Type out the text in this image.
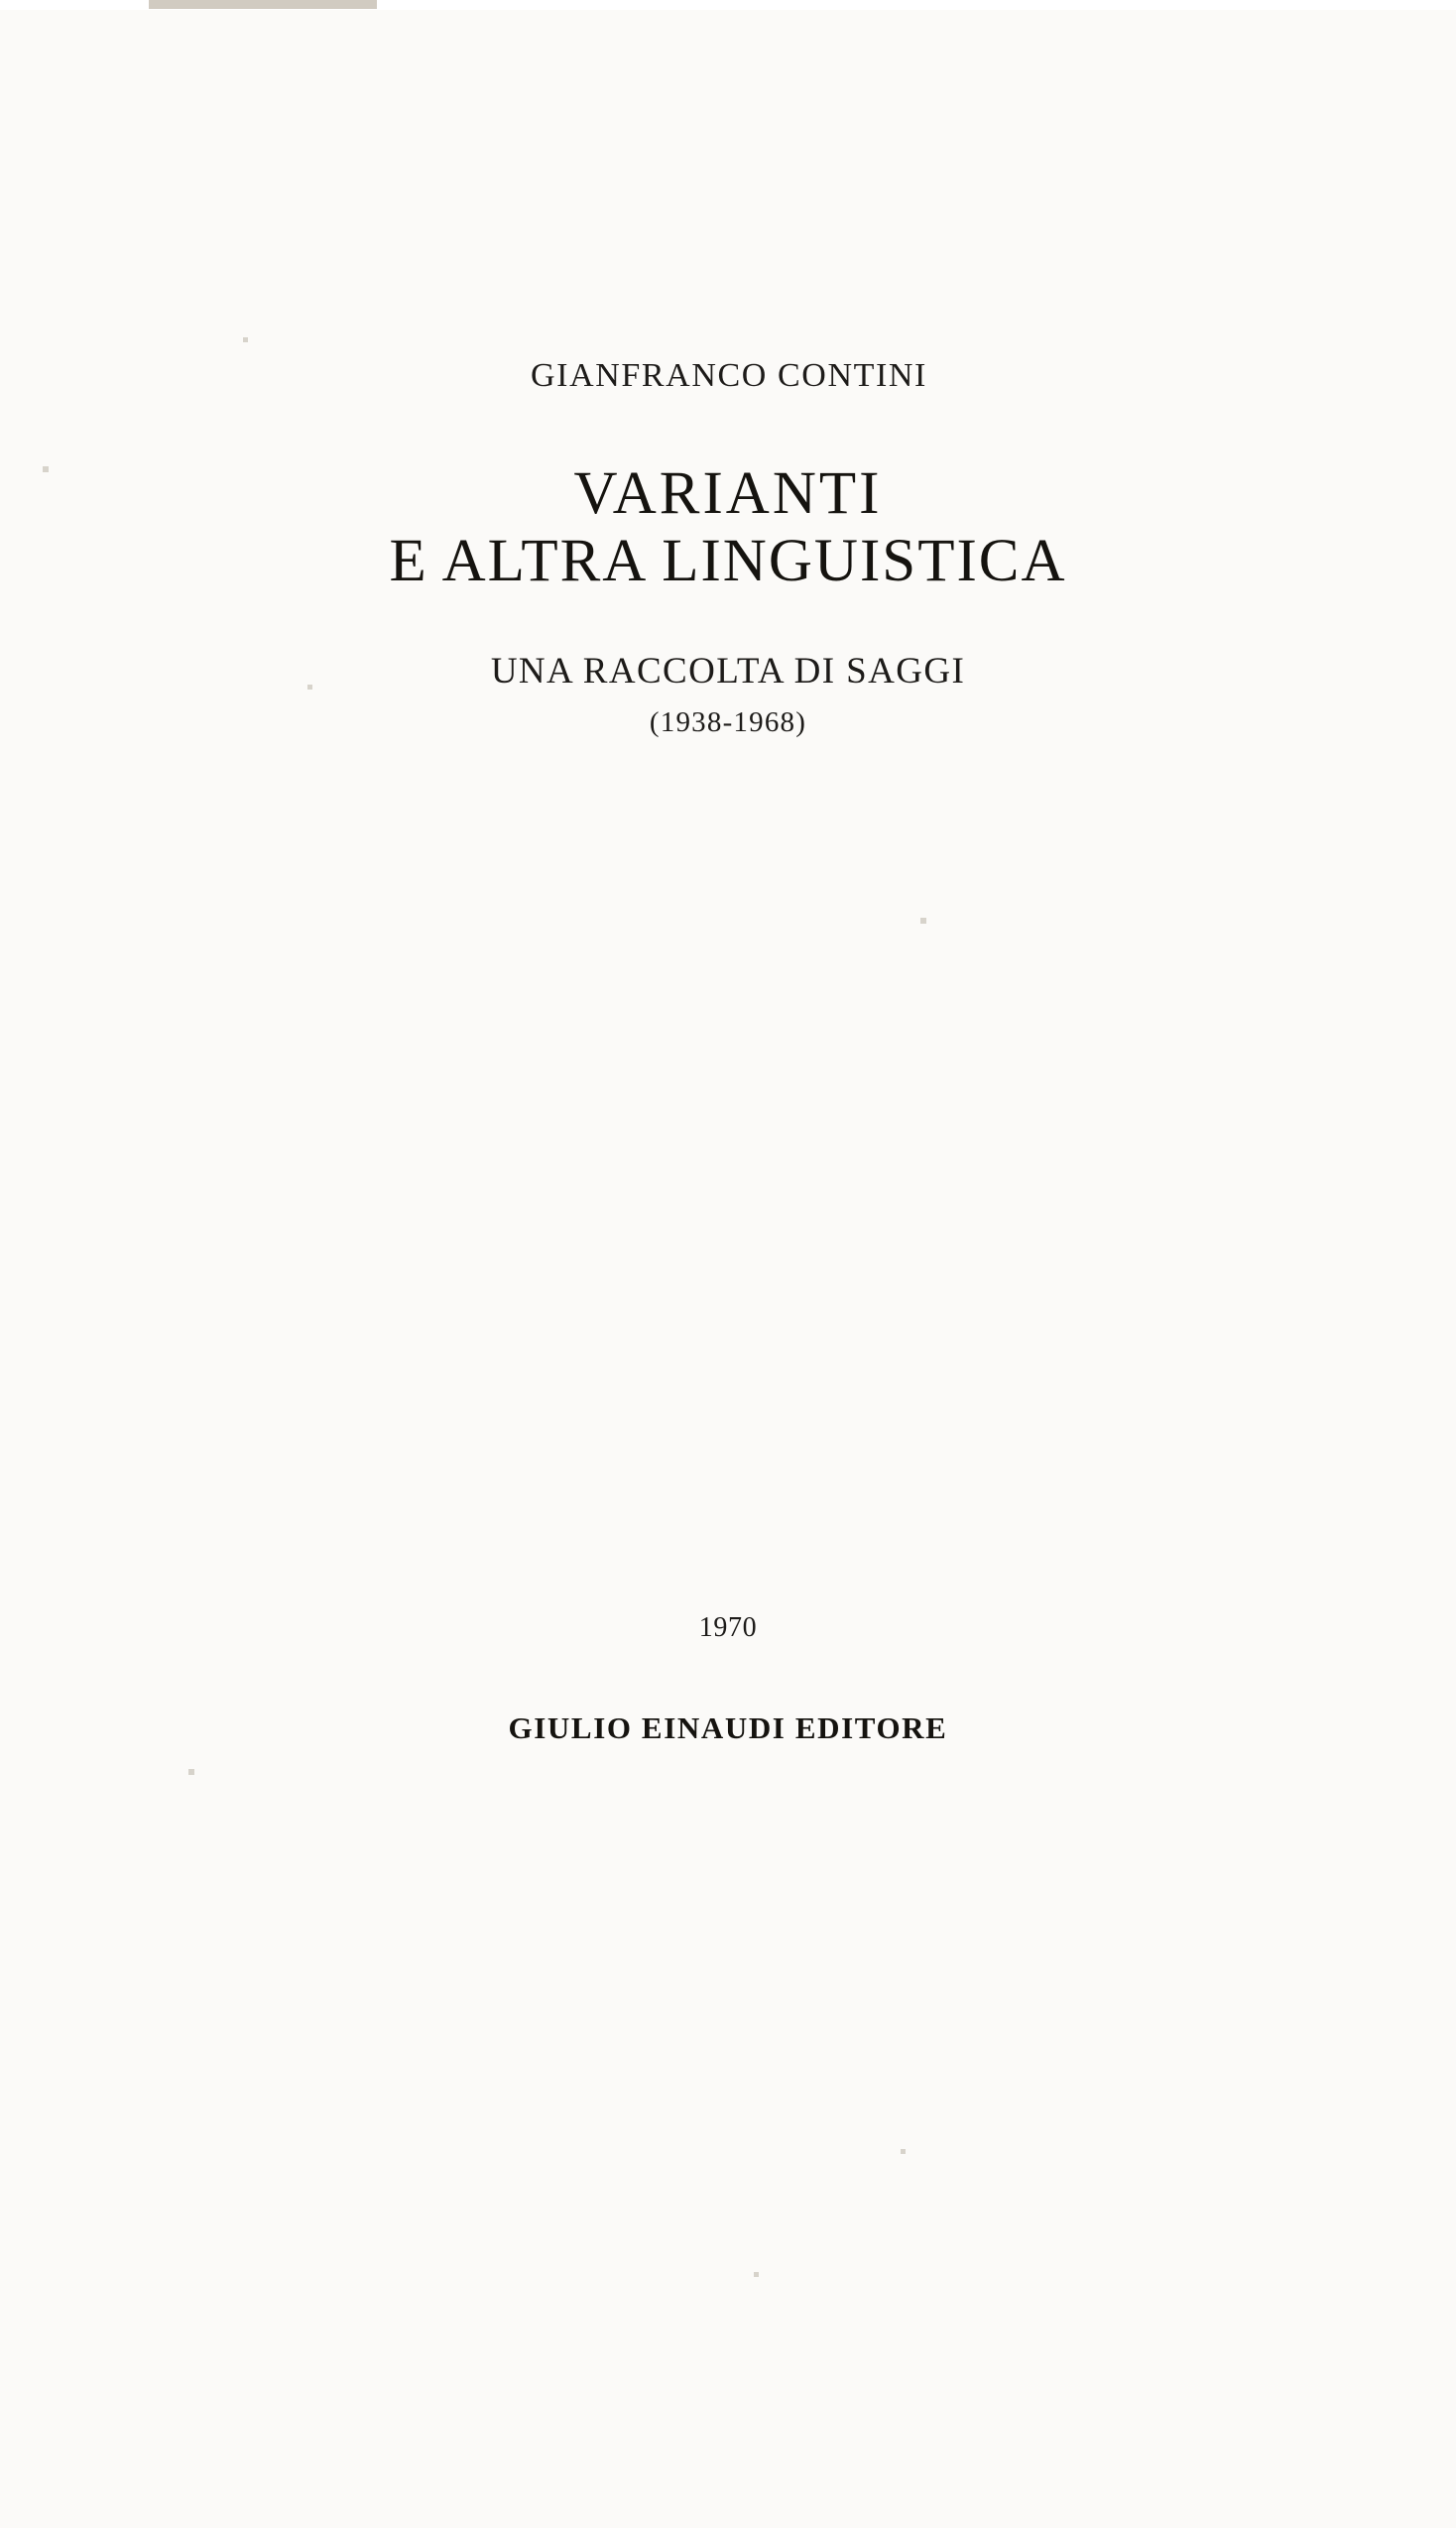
GIANFRANCO CONTINI

VARIANTI
E ALTRA LINGUISTICA

UNA RACCOLTA DI SAGGI

(1938-1968)

1970

GIULIO EINAUDI EDITORE
